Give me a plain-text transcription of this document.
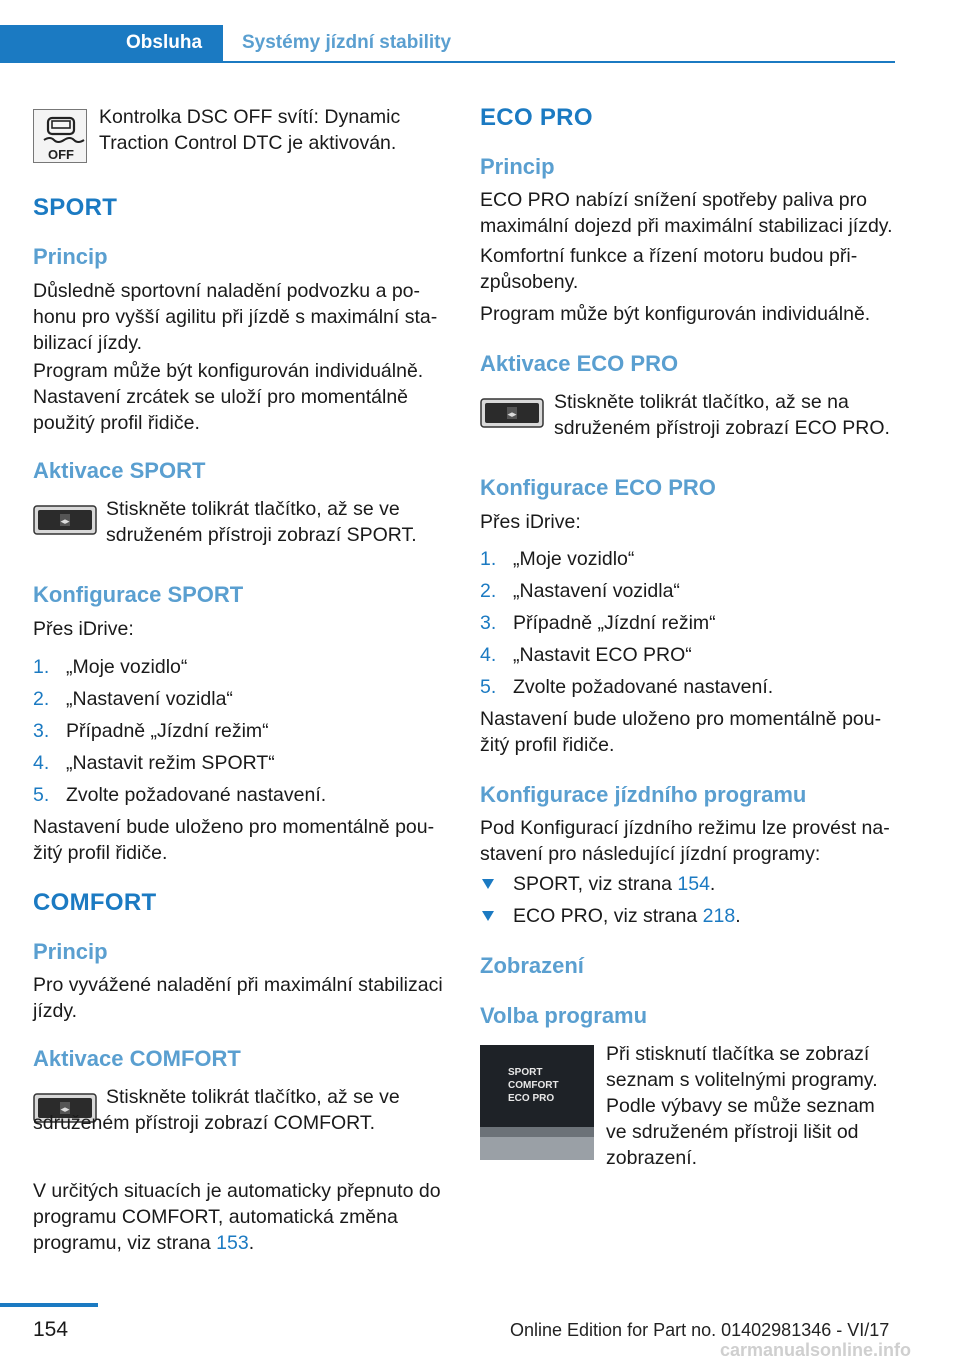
Obsluha	Systémy jízdní stability
OFF
Kontrolka DSC OFF svítí: Dynamic Traction Control DTC je aktivován.
SPORT
Princip
Důsledně sportovní naladění podvozku a pohonu pro vyšší agilitu při jízdě s maximální stabilizací jízdy.
Program může být konfigurován individuálně. Nastavení zrcátek se uloží pro momentálně použitý profil řidiče.
Aktivace SPORT
◂▸
Stiskněte tolikrát tlačítko, až se ve sdruženém přístroji zobrazí SPORT.
Konfigurace SPORT
Přes iDrive:
1. „Moje vozidlo“
2. „Nastavení vozidla“
3. Případně „Jízdní režim“
4. „Nastavit režim SPORT“
5. Zvolte požadované nastavení.
Nastavení bude uloženo pro momentálně použitý profil řidiče.
COMFORT
Princip
Pro vyvážené naladění při maximální stabilizaci jízdy.
Aktivace COMFORT
◂▸
Stiskněte tolikrát tlačítko, až se ve sdruženém přístroji zobrazí COMFORT.
V určitých situacích je automaticky přepnuto do programu COMFORT, automatická změna programu, viz strana 153.
ECO PRO
Princip
ECO PRO nabízí snížení spotřeby paliva pro maximální dojezd při maximální stabilizaci jízdy.
Komfortní funkce a řízení motoru budou přizpůsobeny.
Program může být konfigurován individuálně.
Aktivace ECO PRO
◂▸
Stiskněte tolikrát tlačítko, až se na sdruženém přístroji zobrazí ECO PRO.
Konfigurace ECO PRO
Přes iDrive:
1. „Moje vozidlo“
2. „Nastavení vozidla“
3. Případně „Jízdní režim“
4. „Nastavit ECO PRO“
5. Zvolte požadované nastavení.
Nastavení bude uloženo pro momentálně použitý profil řidiče.
Konfigurace jízdního programu
Pod Konfigurací jízdního režimu lze provést nastavení pro následující jízdní programy:
SPORT, viz strana 154.
ECO PRO, viz strana 218.
Zobrazení
Volba programu
SPORT
COMFORT
ECO PRO
Při stisknutí tlačítka se zobrazí seznam s volitelnými programy. Podle výbavy se může seznam ve sdruženém přístroji lišit od zobrazení.
154	Online Edition for Part no. 01402981346 - VI/17
carmanualsonline.info
